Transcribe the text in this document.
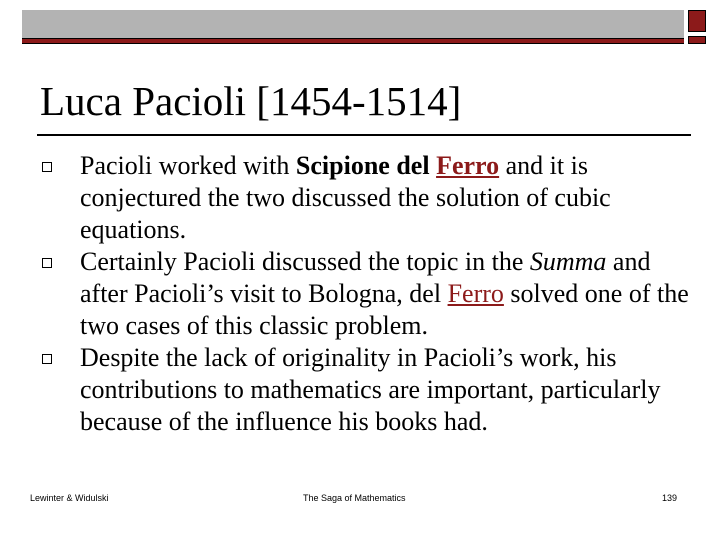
Luca Pacioli [1454-1514]

Pacioli worked with Scipione del Ferro and it is conjectured the two discussed the solution of cubic equations.

Certainly Pacioli discussed the topic in the Summa and after Pacioli’s visit to Bologna, del Ferro solved one of the two cases of this classic problem.

Despite the lack of originality in Pacioli’s work, his contributions to mathematics are important, particularly because of the influence his books had.

Lewinter & Widulski	The Saga of Mathematics	139
